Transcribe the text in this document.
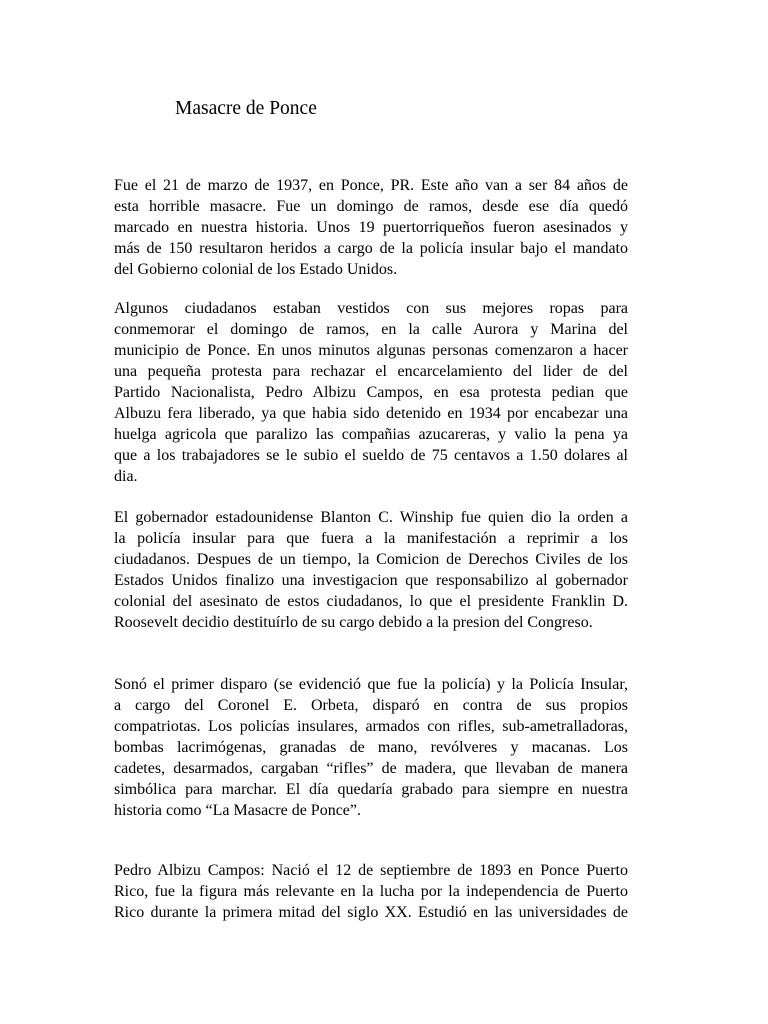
Masacre de Ponce
Fue el 21 de marzo de 1937, en Ponce, PR. Este año van a ser 84 años de
esta horrible masacre. Fue un domingo de ramos, desde ese día quedó
marcado en nuestra historia. Unos 19 puertorriqueños fueron asesinados y
más de 150 resultaron heridos a cargo de la policía insular bajo el mandato
del Gobierno colonial de los Estado Unidos.
Algunos ciudadanos estaban vestidos con sus mejores ropas para
conmemorar el domingo de ramos, en la calle Aurora y Marina del
municipio de Ponce. En unos minutos algunas personas comenzaron a hacer
una pequeña protesta para rechazar el encarcelamiento del lider de del
Partido Nacionalista, Pedro Albizu Campos, en esa protesta pedian que
Albuzu fera liberado, ya que habia sido detenido en 1934 por encabezar una
huelga agricola que paralizo las compañias azucareras, y valio la pena ya
que a los trabajadores se le subio el sueldo de 75 centavos a 1.50 dolares al
dia.
El gobernador estadounidense Blanton C. Winship fue quien dio la orden a
la policía insular para que fuera a la manifestación a reprimir a los
ciudadanos. Despues de un tiempo, la Comicion de Derechos Civiles de los
Estados Unidos finalizo una investigacion que responsabilizo al gobernador
colonial del asesinato de estos ciudadanos, lo que el presidente Franklin D.
Roosevelt decidio destituírlo de su cargo debido a la presion del Congreso.
Sonó el primer disparo (se evidenció que fue la policía) y la Policía Insular,
a cargo del Coronel E. Orbeta, disparó en contra de sus propios
compatriotas. Los policías insulares, armados con rifles, sub-ametralladoras,
bombas lacrimógenas, granadas de mano, revólveres y macanas. Los
cadetes, desarmados, cargaban “rifles” de madera, que llevaban de manera
simbólica para marchar. El día quedaría grabado para siempre en nuestra
historia como “La Masacre de Ponce”.
Pedro Albizu Campos: Nació el 12 de septiembre de 1893 en Ponce Puerto
Rico, fue la figura más relevante en la lucha por la independencia de Puerto
Rico durante la primera mitad del siglo XX. Estudió en las universidades de
